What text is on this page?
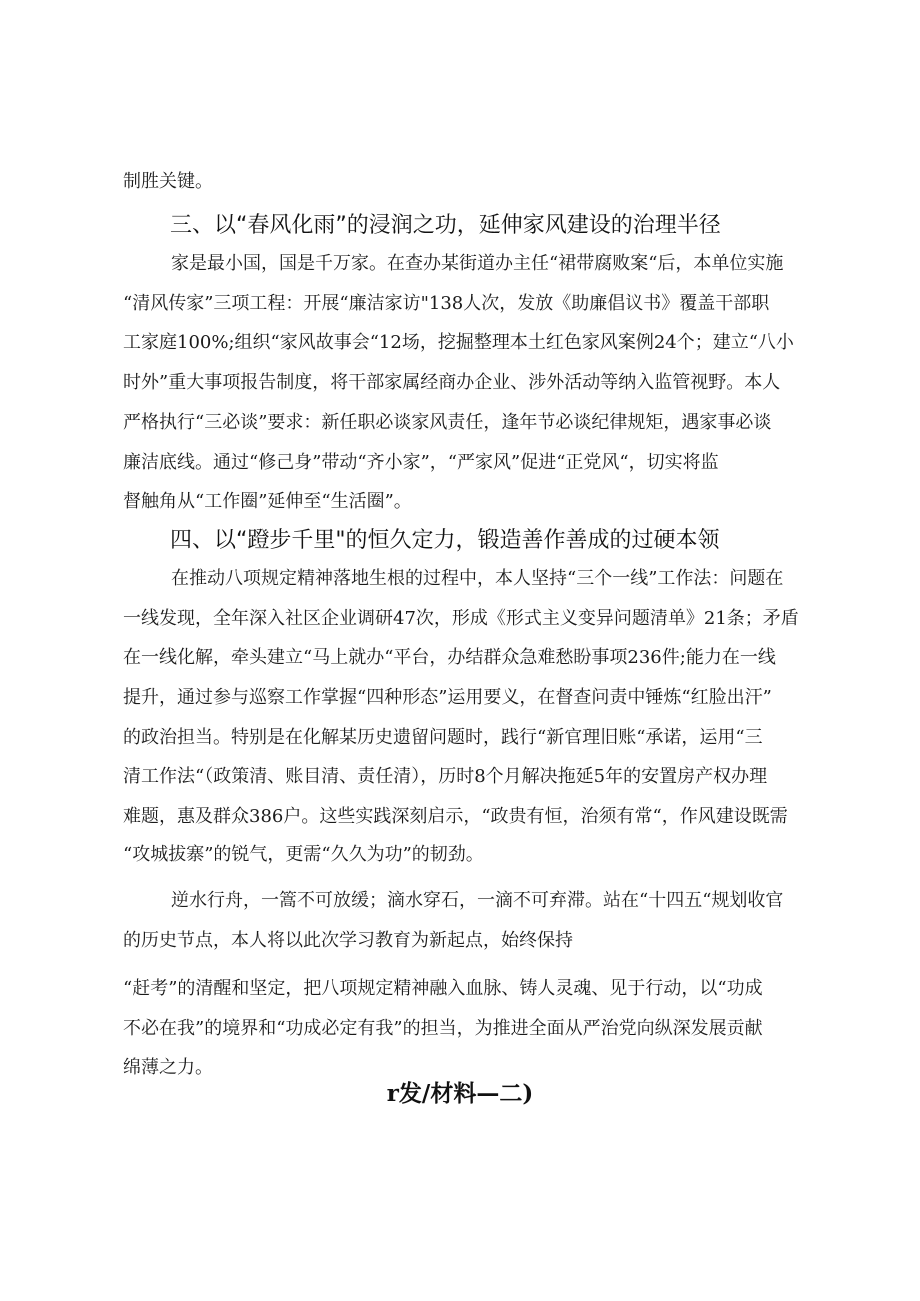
制胜关键。
三、以“春风化雨”的浸润之功，延伸家风建设的治理半径
家是最小国，国是千万家。在查办某街道办主任“裙带腐败案“后，本单位实施
“清风传家”三项工程：开展“廉洁家访"138人次，发放《助廉倡议书》覆盖干部职
工家庭100%;组织“家风故事会“12场，挖掘整理本土红色家风案例24个；建立“八小
时外”重大事项报告制度，将干部家属经商办企业、涉外活动等纳入监管视野。本人
严格执行“三必谈”要求：新任职必谈家风责任，逢年节必谈纪律规矩，遇家事必谈
廉洁底线。通过“修己身”带动“齐小家”，“严家风”促进“正党风“，切实将监
督触角从“工作圈”延伸至“生活圈”。
四、以“蹬步千里"的恒久定力，锻造善作善成的过硬本领
在推动八项规定精神落地生根的过程中，本人坚持“三个一线”工作法：问题在
一线发现，全年深入社区企业调研47次，形成《形式主义变异问题清单》21条；矛盾
在一线化解，牵头建立“马上就办“平台，办结群众急难愁盼事项236件;能力在一线
提升，通过参与巡察工作掌握“四种形态”运用要义，在督查问责中锤炼“红脸出汗”
的政治担当。特别是在化解某历史遗留问题时，践行“新官理旧账“承诺，运用“三
清工作法“（政策清、账目清、责任清），历时8个月解决拖延5年的安置房产权办理
难题，惠及群众386户。这些实践深刻启示，“政贵有恒，治须有常“，作风建设既需
“攻城拔寨”的锐气，更需“久久为功”的韧劲。
逆水行舟，一篙不可放缓；滴水穿石，一滴不可弃滞。站在“十四五“规划收官
的历史节点，本人将以此次学习教育为新起点，始终保持
“赶考”的清醒和坚定，把八项规定精神融入血脉、铸人灵魂、见于行动，以“功成
不必在我”的境界和“功成必定有我”的担当，为推进全面从严治党向纵深发展贡献
绵薄之力。
r发/材料—二)
